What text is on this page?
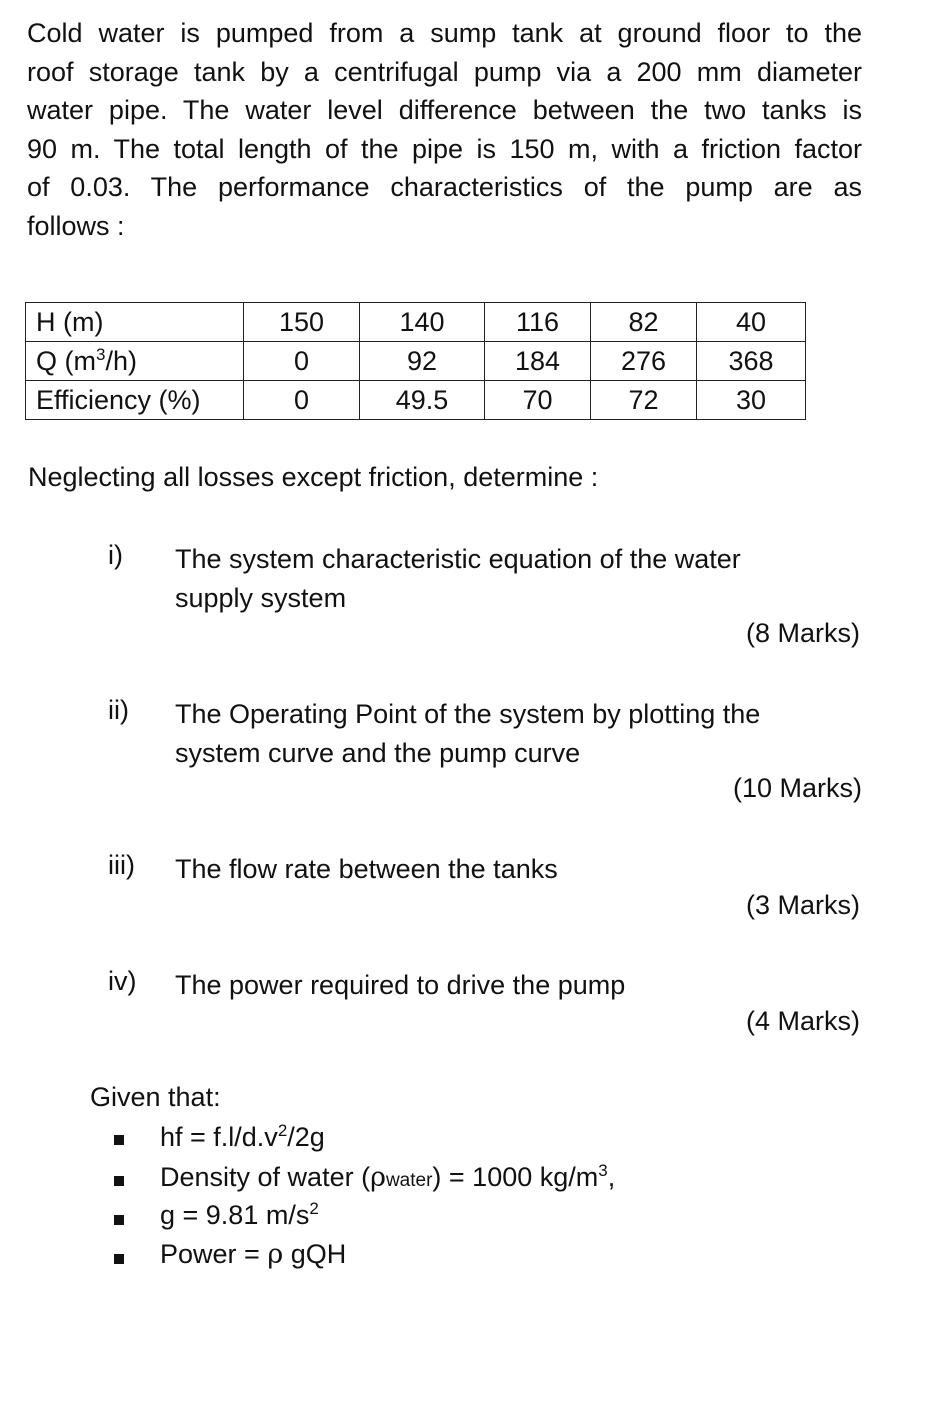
Cold water is pumped from a sump tank at ground floor to the
roof storage tank by a centrifugal pump via a 200 mm diameter
water pipe. The water level difference between the two tanks is
90 m. The total length of the pipe is 150 m, with a friction factor
of 0.03. The performance characteristics of the pump are as
follows :
H (m)	150	140	116	82	40
Q $(m^3/h)$	0	92	184	276	368
Efficiency (%)	0	49.5	70	72	30
Neglecting all losses except friction, determine :
i)	The system characteristic equation of the water
supply system
(8 Marks)
ii)	The Operating Point of the system by plotting the
system curve and the pump curve
(10 Marks)
iii)	The flow rate between the tanks
(3 Marks)
iv)	The power required to drive the pump
(4 Marks)
Given that:
hf = $f.l/d.v^2/2g$
Density of water (ρwater) = 1000 $kg/m^3$,
g = 9.81 $m/s^2$
Power = ρ gQH
